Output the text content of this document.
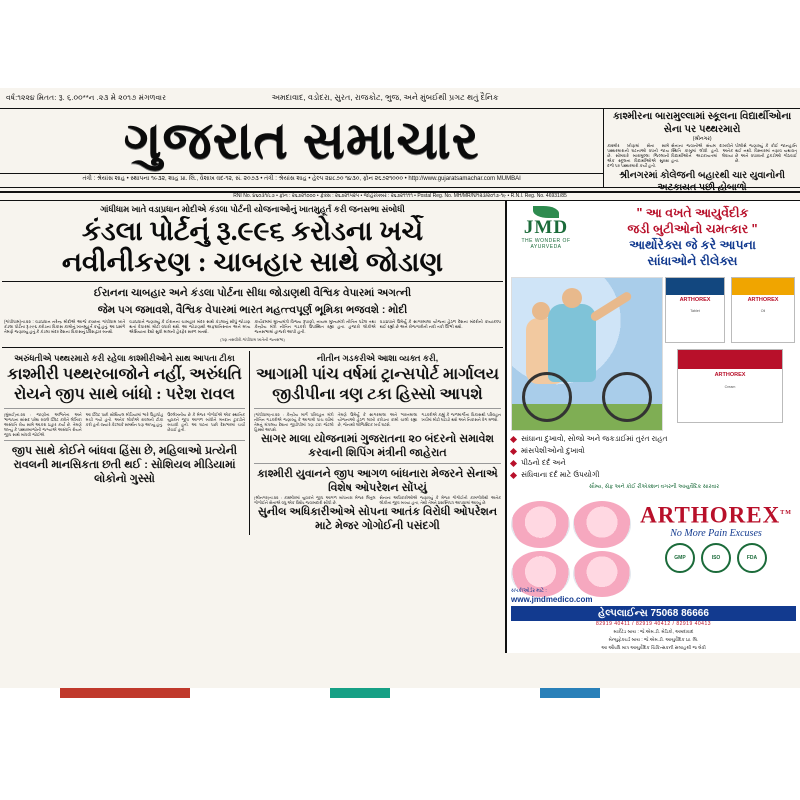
વર્ષ:૧૨૨૪ મિતત: રૂ. ૬.૦૦**ન .૨૩ મે ૨૦૧૭ મંગળવાર	અમદાવાદ, વડોદરા, સુરત, રાજકોટ, ભુજ, અને મુંબઈથી પ્રગટ થતું દૈનિક
ગુજરાત સમાચાર
તંત્રી : શ્રેયાંસ શાહ • સ્થાપના ૧૯૩૨, શાહ પ્રા. લિ., વૈશાખ વદ-૧૨, સં. ૨૦૭૩ • તંત્રી : શ્રેયાંસ શાહ • હેલ્પ ૨૪૮૭૦ ૧૪૩૦, ફોન ૨૬૭૨૧૦૦૦ • http://www.gujaratsamachar.com MUMBAI
કાશ્મીરના બારામુલ્લામાં સ્કૂલના વિદ્યાર્થીઓના સેના પર પથ્થરમારો
(શ્રીનગર)
કાશ્મીર ખીણમાં સેના સામે પથ્થરમારાની ઘટનાઓ વધતી જાય છે. સોમવારે બારામુલ્લા જિલ્લાની એક સ્કૂલના વિદ્યાર્થીઓએ સુરક્ષા દળો પર પથ્થરમારો કર્યો હતો.
સેનાના જવાનોએ સંયમ દાખવીને સ્થિતિ કાબુમાં લીધી હતી. અનેક વિદ્યાર્થીઓને અટકાયતમાં લેવાયા હતા.
પોલીસે જણાવ્યું કે કોઈ જાનહાનિ થઈ નથી. વિસ્તારમાં તણાવ યથાવત્ છે અને વધારાની ટુકડીઓ ગોઠવાઈ છે.
શ્રીનગરમાં કોલેજની બહારથી ચાર યુવાનોની અટકાયત પછી હોબાળો
RNI No. ૪૬૦૩૧/૮૭ • ફોન : ૨૬૭૨૧૦૦૦ • ફેક્સ : ૨૬૭૨૧૫૨૫ • જાહેરખબર : ૨૬૭૨૧૧૧૧ • Postal Reg. No. MH/MR/N/૧૨૩/૨૦૧૭-૧૯ • R.N.I. Reg. No. 46931/85
ગાંધીધામ ખાતે વડાપ્રધાન મોદીએ કંડલા પોર્ટની યોજનાઓનું ખાતમુહૂર્ત કરી જનસભા સંબોધી
કંડલા પોર્ટનું રૂ.૯૯૬ કરોડના ખર્ચે
નવીનીકરણ : ચાબહાર સાથે જોડાણ
ઈરાનના ચાબહાર અને કંડલા પોર્ટના સીધા જોડાણથી વૈશ્વિક વેપારમાં અગત્ની
જેમ પગ જમાવશે, વૈશ્વિક વેપારમાં ભારત મહત્ત્વપૂર્ણ ભૂમિકા ભજવશે : મોદી
(ગાંધીધામ)તા.૨૨ : વડાપ્રધાન નરેન્દ્ર મોદીએ આજે કચ્છના ગાંધીધામ ખાતે કંડલા પોર્ટના રૂ.૯૯૬ કરોડના વિકાસ કામોનું ખાતમુહૂર્ત કર્યું હતું. આ પ્રસંગે તેમણે જણાવ્યું હતું કે કંડલા બંદર દેશના વિકાસનું પ્રવેશદ્વાર બનશે.
વડાપ્રધાને જણાવ્યું કે ઈરાનના ચાબહાર બંદર સાથે કંડલાનું સીધું જોડાણ થતાં વેપારમાં મોટો વધારો થશે. આ જોડાણથી અફઘાનિસ્તાન અને મધ્ય એશિયાના દેશો સુધી માલની હેરફેર સરળ બનશે.
કાર્યક્રમમાં મુખ્યમંત્રી વિજય રૂપાણી, નાયબ મુખ્યમંત્રી નીતિન પટેલ તથા કેન્દ્રીય મંત્રી નીતિન ગડકરી ઉપસ્થિત રહ્યા હતા. હજારો લોકોએ જનસભામાં હાજરી આપી હતી.
વડાપ્રધાને ઉમેર્યું કે સાગરમાલા યોજના હેઠળ દેશના બંદરોનો કાયાકલ્પ થઈ રહ્યો છે અને રોજગારીની નવી તકો ઊભી થશે.
(ત્રણ તસવીરો-ગાંધીધામ ખાતેની જનસભા)
અરુંધતીએ પથ્થરમારો કરી રહેલા કાશ્મીરીઓને સાથ આપતા ટીકા
કાશ્મીરી પથ્થરબાજોને નહીં, અરુંધતિ
રોયને જીપ સાથે બાંધો : પરેશ રાવલ
(મુંબઈ)તા.૨૨ : જાણીતા અભિનેતા અને ભાજપના સાંસદ પરેશ રાવલે ટ્વિટ કરીને લેખિકા અરુંધતિ રોય સામે આકરા પ્રહાર કર્યા છે. તેમણે લખ્યું કે પથ્થરબાજોની જગ્યાએ અરુંધતિ રોયને જીપ સાથે બાંધવી જોઈએ.
આ ટ્વિટ પછી સોશિયલ મીડિયામાં ભારે ઉહાપોહ મચી ગયો હતો. અનેક લોકોએ રાવલની ટીકા કરી હતી જ્યારે કેટલાકે સમર્થન પણ આપ્યું હતું.
ઉલ્લેખનીય છે કે મેજર ગોગોઈએ એક સ્થાનિક યુવકને જીપ આગળ બાંધીને મતદાન ટુકડીને બચાવી હતી. આ ઘટના પછી દેશભરમાં ચર્ચા છેડાઈ હતી.
જીપ સાથે કોઈને બાંધવા હિંસા છે, મહિલાઓ પ્રત્યેની રાવલની માનસિકતા છતી થઈ : સોશિયલ મીડિયામાં લોકોનો ગુસ્સો
નીતીન ગડકરીએ આશા વ્યક્ત કરી,
આગામી પાંચ વર્ષમાં ટ્રાન્સપોર્ટ માર્ગાલય જીડીપીના ત્રણ ટકા હિસ્સો આપશે
(ગાંધીધામ)તા.૨૨ : કેન્દ્રીય માર્ગ પરિવહન મંત્રી નીતિન ગડકરીએ જણાવ્યું કે આગામી પાંચ વર્ષમાં તેમનું મંત્રાલય દેશના જીડીપીમાં ત્રણ ટકા જેટલો હિસ્સો આપશે.
તેમણે ઉમેર્યું કે સાગરમાલા અને ભારતમાલા યોજનાઓ હેઠળ લાખો કરોડના કામો ચાલી રહ્યા છે, જેનાથી લોજિસ્ટિક ખર્ચ ઘટશે.
ગડકરીએ કહ્યું કે જળમાર્ગોના વિકાસથી પરિવહન ખર્ચમાં મોટો ઘટાડો થશે અને નિકાસને વેગ મળશે.
સાગર માલા યોજનામાં ગુજરાતના ૨૦ બંદરનો સમાવેશ કરવાની શિપિંગ મંત્રીની જાહેરાત
કાશ્મીરી યુવાનને જીપ આગળ બાંધનારા મેજરને સેનાએ વિશેષ ઓપરેશન સોંપ્યું
(શ્રીનગર)તા.૨૨ : કાશ્મીરમાં યુવકને જીપ આગળ બાંધનારા મેજર લિતુલ ગોગોઈને સેનાએ વધુ એક વિશેષ જવાબદારી સોંપી છે.
સેનાના અધિકારીઓએ જણાવ્યું કે મેજર ગોગોઈની કામગીરીથી અનેક લોકોના જીવ બચ્યા હતા, તેથી તેમને પ્રશસ્તિપત્ર આપવામાં આવ્યું છે.
સુનીલ અધિકારીઓએ સોપના આતંક વિરોધી ઓપરેશન માટે મેજર ગોગોઈની પસંદગી
JMD
THE WONDER OF
AYURVEDA
" આ વખતે આયુર્વેદીક
જડી બુટીઓનો ચમત્કાર "
આર્થોરેક્સ જે કરે આપના
સાંધાઓને રીલેક્સ
ARTHOREX
Tablet
ARTHOREX
Oil
ARTHOREX
Cream
સાંધાના દુખાવો, સોજો અને જકડાઈમાં તુરંત રાહત
માંસપેશીઓનો દુખાવો
પીઠનો દર્દ અને
સંધિવાના દર્દ માટે ઉપયોગી
સૌમ્ય, સેફ અને કોઈ રીએક્શન વગરની આયુર્વેદિક સારવાર
ARTHOREX™
No More Pain Excuses
GMP	ISO	FDA
સંપર્ક/ઓર્ડર માટે :
www.jmdmedico.com
હેલ્પલાઈન્સ 75068 86666
82919 40411 / 82919 40412 / 82919 40413
માર્કેટેડ બાય : જે.એમ.ડી. મેડિકો, અમદાવાદ
મેન્યુફેક્ચર્ડ બાય : જે.એમ.ડી. આયુર્વેદિક પ્રા. લિ.
આ ઔષધિ માત્ર આયુર્વેદિક ચિકિત્સકની સલાહથી જ લેવી
